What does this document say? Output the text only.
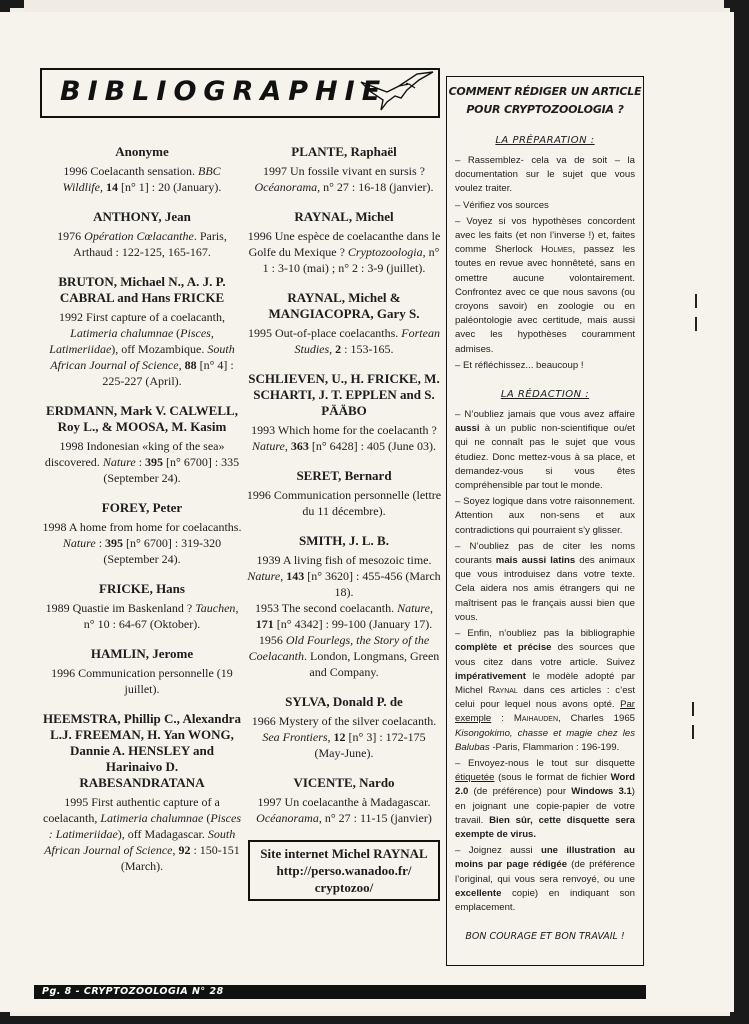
BIBLIOGRAPHIE
Anonyme
1996 Coelacanth sensation. BBC Wildlife, 14 [n° 1] : 20 (January).
ANTHONY, Jean
1976 Opération Cœlacanthe. Paris, Arthaud : 122-125, 165-167.
BRUTON, Michael N., A. J. P. CABRAL and Hans FRICKE
1992 First capture of a coelacanth, Latimeria chalumnae (Pisces, Latimeriidae), off Mozambique. South African Journal of Science, 88 [n° 4] : 225-227 (April).
ERDMANN, Mark V. CALWELL, Roy L., & MOOSA, M. Kasim
1998 Indonesian «king of the sea» discovered. Nature : 395 [n° 6700] : 335 (September 24).
FOREY, Peter
1998 A home from home for coelacanths. Nature : 395 [n° 6700] : 319-320 (September 24).
FRICKE, Hans
1989 Quastie im Baskenland ? Tauchen, n° 10 : 64-67 (Oktober).
HAMLIN, Jerome
1996 Communication personnelle (19 juillet).
HEEMSTRA, Phillip C., Alexandra L.J. FREEMAN, H. Yan WONG, Dannie A. HENSLEY and Harinaivo D. RABESANDRATANA
1995 First authentic capture of a coelacanth, Latimeria chalumnae (Pisces : Latimeriidae), off Madagascar. South African Journal of Science, 92 : 150-151 (March).
PLANTE, Raphaël
1997 Un fossile vivant en sursis ? Océanorama, n° 27 : 16-18 (janvier).
RAYNAL, Michel
1996 Une espèce de coelacanthe dans le Golfe du Mexique ? Cryptozoologia, n° 1 : 3-10 (mai) ; n° 2 : 3-9 (juillet).
RAYNAL, Michel & MANGIACOPRA, Gary S.
1995 Out-of-place coelacanths. Fortean Studies, 2 : 153-165.
SCHLIEVEN, U., H. FRICKE, M. SCHARTI, J. T. EPPLEN and S. PÄÄBO
1993 Which home for the coelacanth ? Nature, 363 [n° 6428] : 405 (June 03).
SERET, Bernard
1996 Communication personnelle (lettre du 11 décembre).
SMITH, J. L. B.
1939 A living fish of mesozoic time. Nature, 143 [n° 3620] : 455-456 (March 18).
1953 The second coelacanth. Nature, 171 [n° 4342] : 99-100 (January 17).
1956 Old Fourlegs, the Story of the Coelacanth. London, Longmans, Green and Company.
SYLVA, Donald P. de
1966 Mystery of the silver coelacanth. Sea Frontiers, 12 [n° 3] : 172-175 (May-June).
VICENTE, Nardo
1997 Un coelacanthe à Madagascar. Océanorama, n° 27 : 11-15 (janvier)
Site internet Michel RAYNAL
http://perso.wanadoo.fr/
cryptozoo/
COMMENT RÉDIGER UN ARTICLE
POUR CRYPTOZOOLOGIA ?
LA PRÉPARATION :

– Rassemblez- cela va de soit – la documentation sur le sujet que vous voulez traiter.

– Vérifiez vos sources

– Voyez si vos hypothèses concordent avec les faits (et non l’inverse !) et, faites comme Sherlock Holmes, passez les toutes en revue avec honnêteté, sans en omettre aucune volontairement. Confrontez avec ce que nous savons (ou croyons savoir) en zoologie ou en paléontologie avec certitude, mais aussi avec les hypothèses couramment admises.

– Et réfléchissez... beaucoup !

LA RÉDACTION :

– N’oubliez jamais que vous avez affaire aussi à un public non-scientifique ou/et qui ne connaît pas le sujet que vous étudiez. Donc mettez-vous à sa place, et demandez-vous si vous êtes compréhensible par tout le monde.

– Soyez logique dans votre raisonnement. Attention aux non-sens et aux contradictions qui pourraient s’y glisser.

– N’oubliez pas de citer les noms courants mais aussi latins des animaux que vous introduisez dans votre texte. Cela aidera nos amis étrangers qui ne maîtrisent pas le français aussi bien que vous.

– Enfin, n’oubliez pas la bibliographie complète et précise des sources que vous citez dans votre article. Suivez impérativement le modèle adopté par Michel Raynal dans ces articles : c’est celui pour lequel nous avons opté. Par exemple : Maihauden, Charles 1965 Kisongokimo, chasse et magie chez les Balubas -Paris, Flammarion : 196-199.

– Envoyez-nous le tout sur disquette étiquetée (sous le format de fichier Word 2.0 (de préférence) pour Windows 3.1) en joignant une copie-papier de votre travail. Bien sûr, cette disquette sera exempte de virus.

– Joignez aussi une illustration au moins par page rédigée (de préférence l’original, qui vous sera renvoyé, ou une excellente copie) en indiquant son emplacement.

BON COURAGE ET BON TRAVAIL !
Pg. 8 - CRYPTOZOOLOGIA N° 28
